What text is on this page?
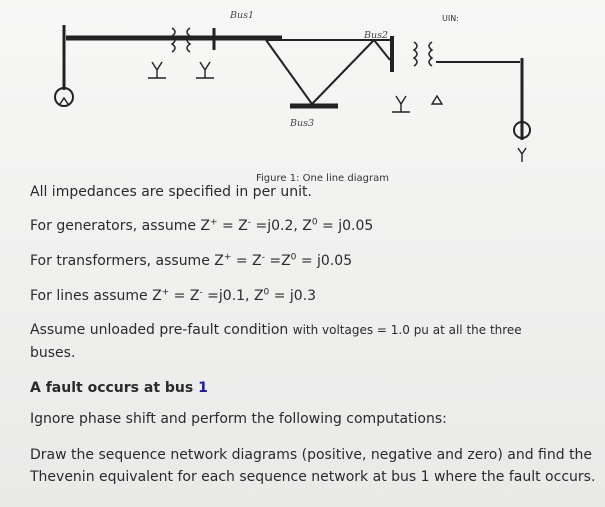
Bus1
Bus2
Bus3
UIN:
Figure 1: One line diagram
All impedances are specified in per unit.
For generators, assume Z+ = Z- =j0.2, $Z^0 = j0.05$
For transformers, assume $Z^+ = Z^- =Z^0 = j0.05$
For lines assume Z+ = Z- =j0.1, $Z^0 = j0.3$
Assume unloaded pre-fault condition with voltages = 1.0 pu at all the three
buses.
A fault occurs at bus 1
Ignore phase shift and perform the following computations:
Draw the sequence network diagrams (positive, negative and zero) and find the
Thevenin equivalent for each sequence network at bus 1 where the fault occurs.
